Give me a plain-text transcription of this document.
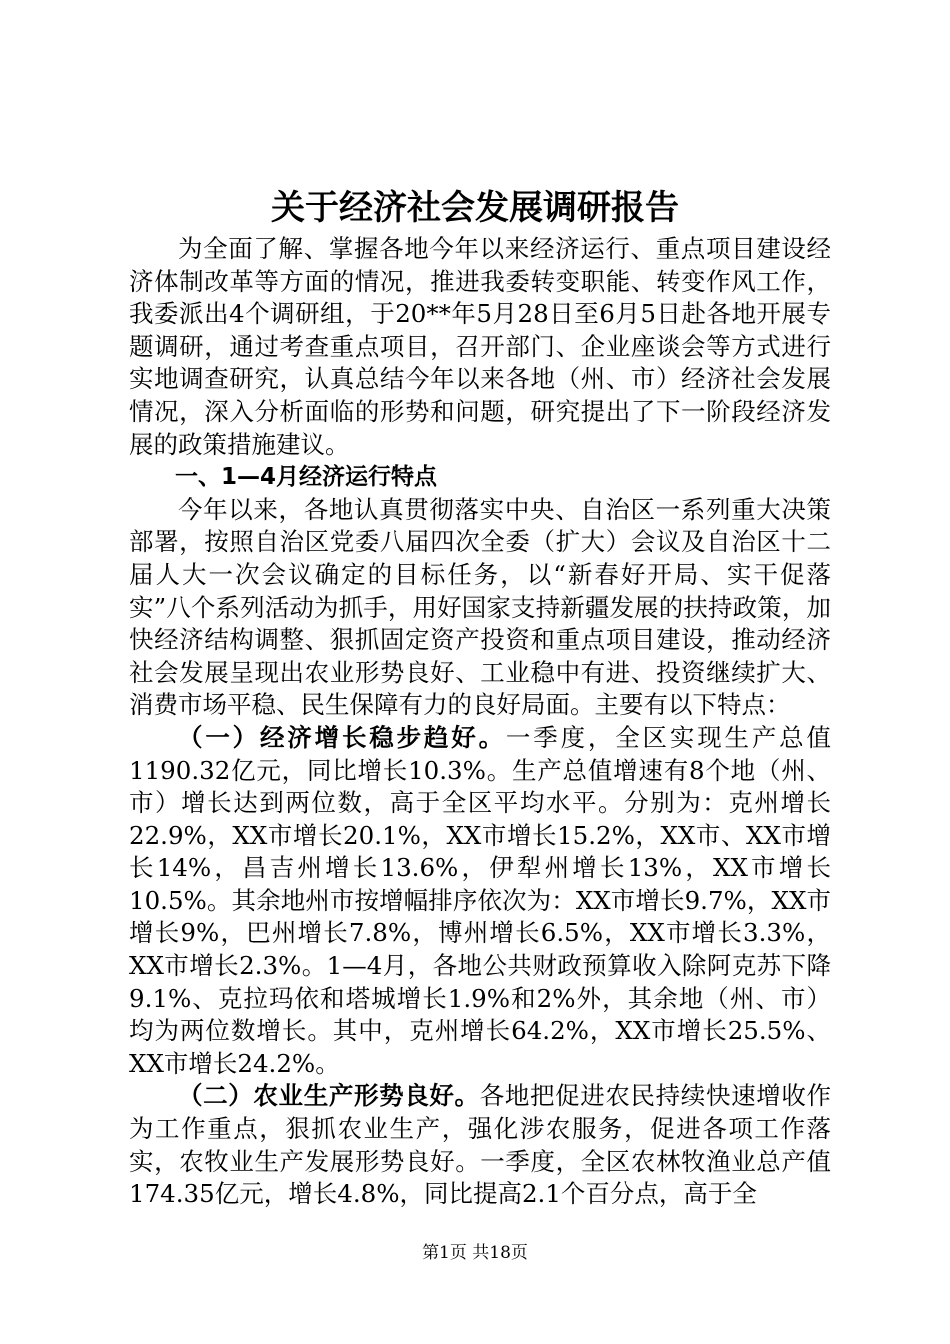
关于经济社会发展调研报告

为全面了解、掌握各地今年以来经济运行、重点项目建设经济体制改革等方面的情况，推进我委转变职能、转变作风工作，我委派出4个调研组，于20**年5月28日至6月5日赴各地开展专题调研，通过考查重点项目，召开部门、企业座谈会等方式进行实地调查研究，认真总结今年以来各地（州、市）经济社会发展情况，深入分析面临的形势和问题，研究提出了下一阶段经济发展的政策措施建议。

一、1—4月经济运行特点

今年以来，各地认真贯彻落实中央、自治区一系列重大决策部署，按照自治区党委八届四次全委（扩大）会议及自治区十二届人大一次会议确定的目标任务，以“新春好开局、实干促落实”八个系列活动为抓手，用好国家支持新疆发展的扶持政策，加快经济结构调整、狠抓固定资产投资和重点项目建设，推动经济社会发展呈现出农业形势良好、工业稳中有进、投资继续扩大、消费市场平稳、民生保障有力的良好局面。主要有以下特点：

（一）经济增长稳步趋好。一季度，全区实现生产总值1190.32亿元，同比增长10.3%。生产总值增速有8个地（州、市）增长达到两位数，高于全区平均水平。分别为：克州增长22.9%，XX市增长20.1%，XX市增长15.2%，XX市、XX市增长14%，昌吉州增长13.6%，伊犁州增长13%，XX市增长10.5%。其余地州市按增幅排序依次为：XX市增长9.7%，XX市增长9%，巴州增长7.8%，博州增长6.5%，XX市增长3.3%，XX市增长2.3%。1—4月，各地公共财政预算收入除阿克苏下降9.1%、克拉玛依和塔城增长1.9%和2%外，其余地（州、市）均为两位数增长。其中，克州增长64.2%，XX市增长25.5%、XX市增长24.2%。

（二）农业生产形势良好。各地把促进农民持续快速增收作为工作重点，狠抓农业生产，强化涉农服务，促进各项工作落实，农牧业生产发展形势良好。一季度，全区农林牧渔业总产值174.35亿元，增长4.8%，同比提高2.1个百分点，高于全

第1页 共18页
